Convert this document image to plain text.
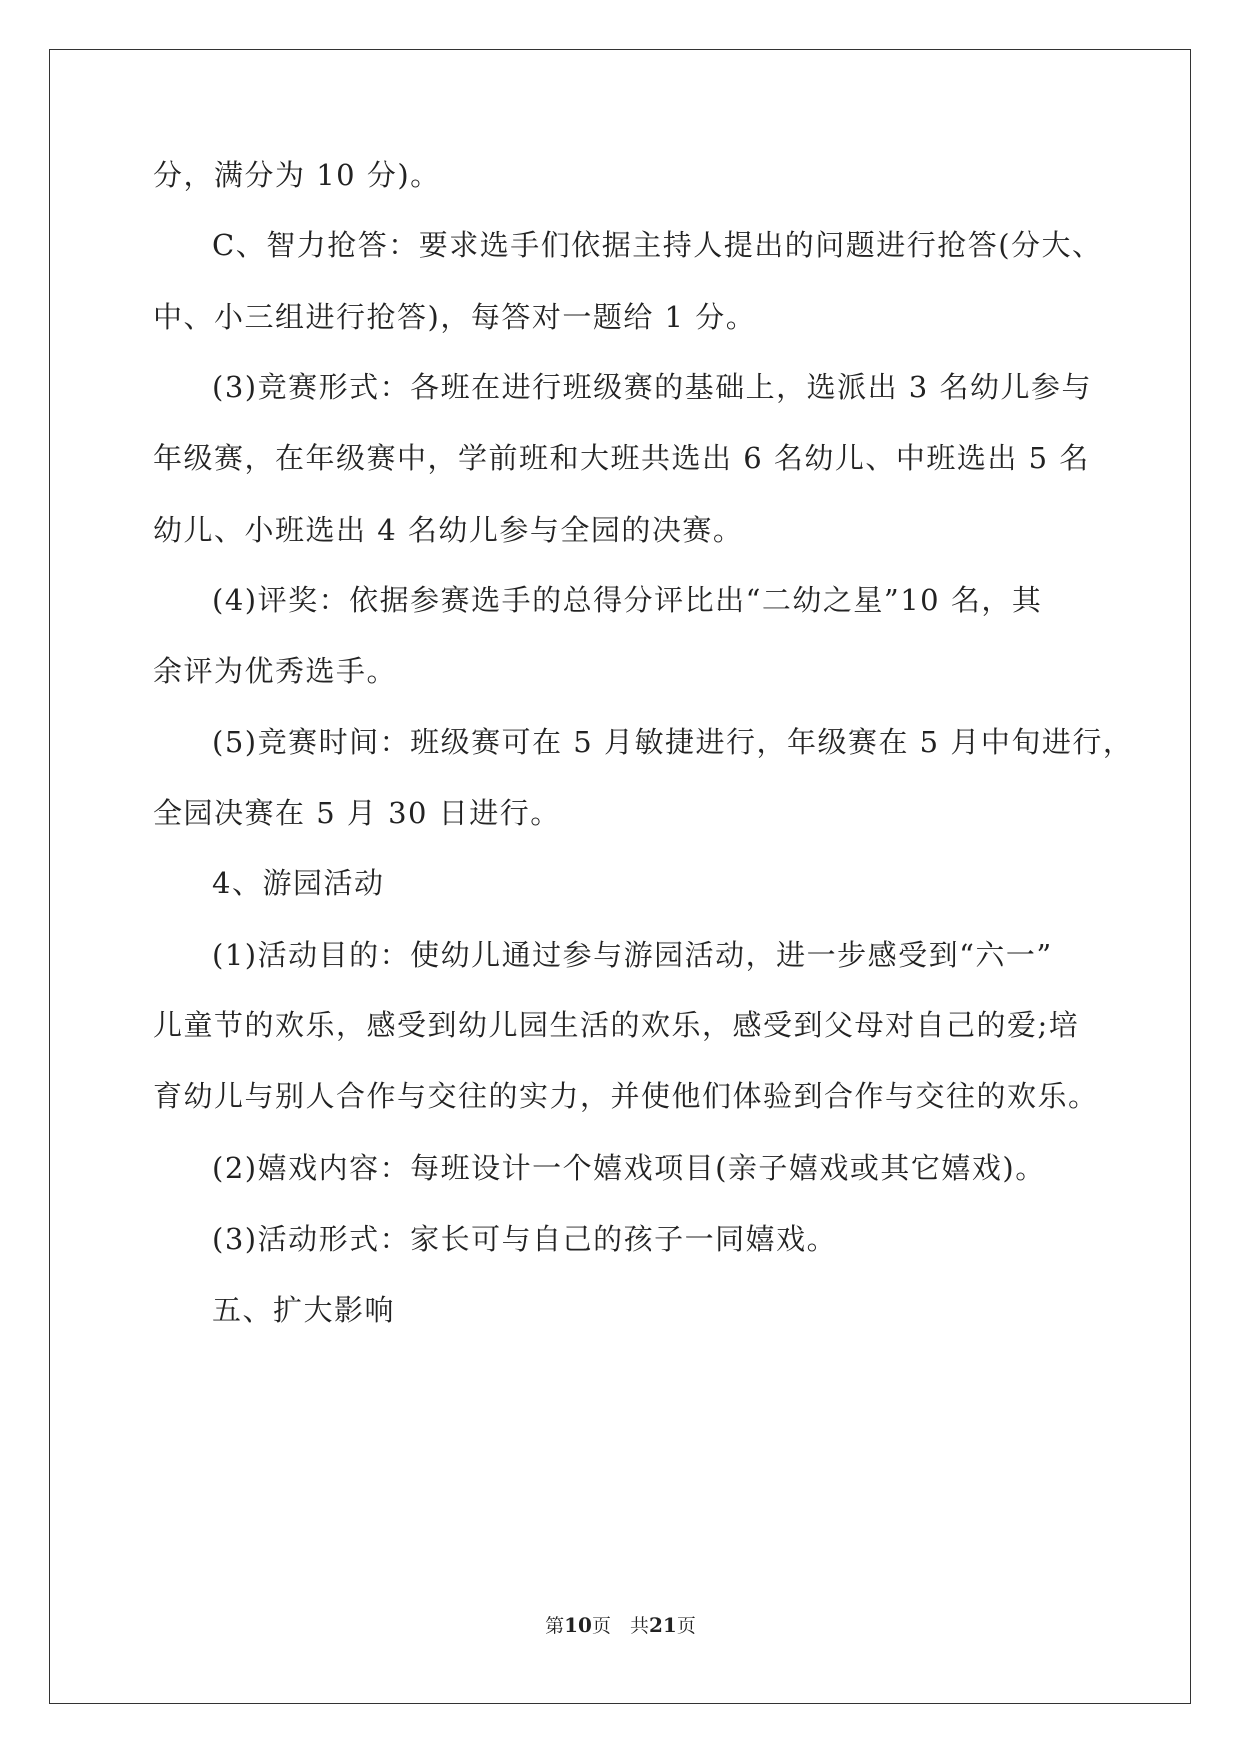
分，满分为 10 分)。
C、智力抢答：要求选手们依据主持人提出的问题进行抢答(分大、
中、小三组进行抢答)，每答对一题给 1 分。
(3)竞赛形式：各班在进行班级赛的基础上，选派出 3 名幼儿参与
年级赛，在年级赛中，学前班和大班共选出 6 名幼儿、中班选出 5 名
幼儿、小班选出 4 名幼儿参与全园的决赛。
(4)评奖：依据参赛选手的总得分评比出“二幼之星”10 名，其
余评为优秀选手。
(5)竞赛时间：班级赛可在 5 月敏捷进行，年级赛在 5 月中旬进行，
全园决赛在 5 月 30 日进行。
4、游园活动
(1)活动目的：使幼儿通过参与游园活动，进一步感受到“六一”
儿童节的欢乐，感受到幼儿园生活的欢乐，感受到父母对自己的爱;培
育幼儿与别人合作与交往的实力，并使他们体验到合作与交往的欢乐。
(2)嬉戏内容：每班设计一个嬉戏项目(亲子嬉戏或其它嬉戏)。
(3)活动形式：家长可与自己的孩子一同嬉戏。
五、扩大影响
第10页　共21页
